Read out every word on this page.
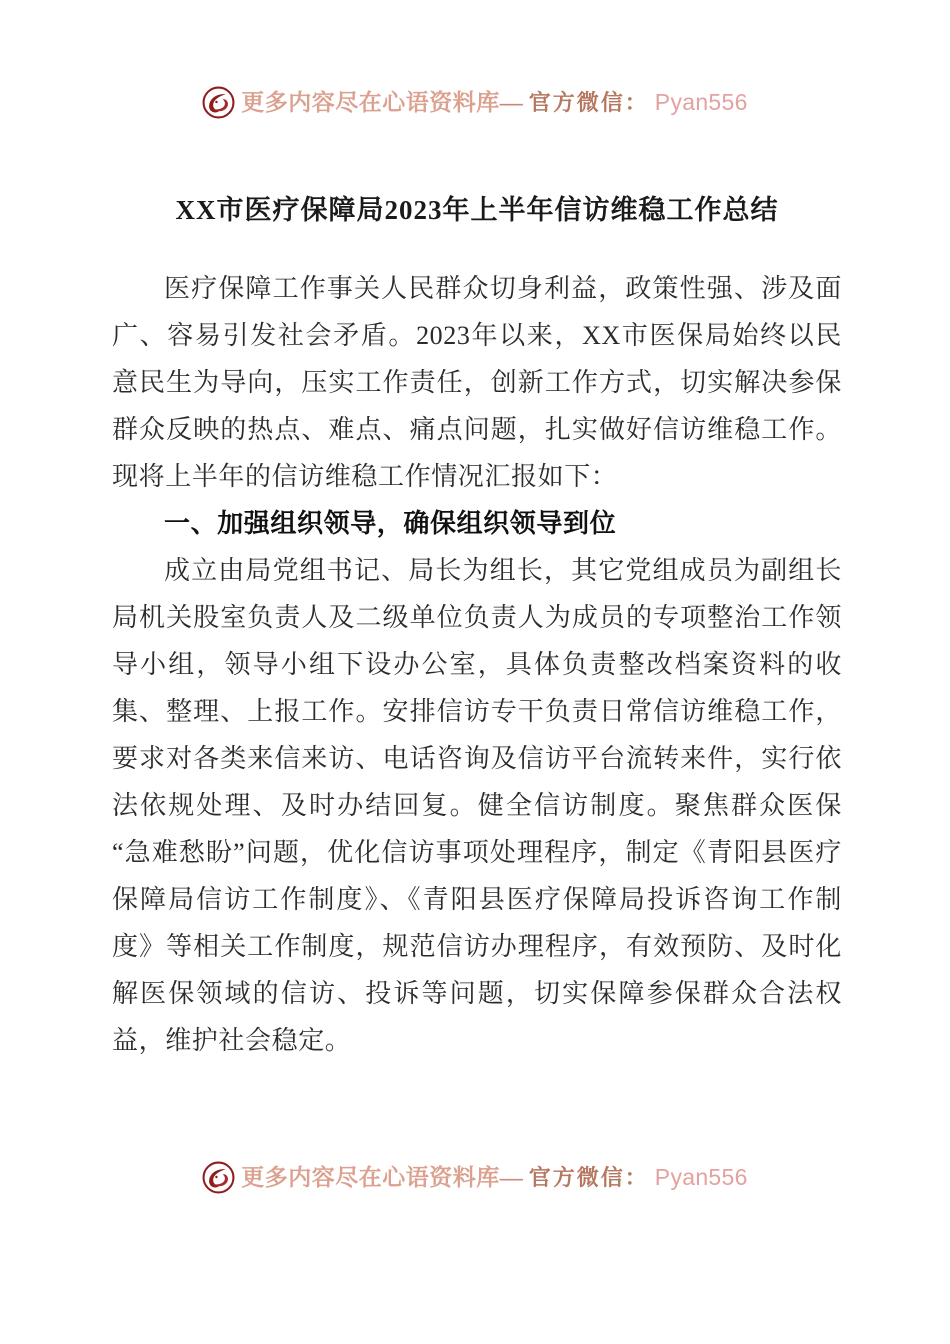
更多内容尽在心语资料库— 官方微信： Pyan556
XX市医疗保障局2023年上半年信访维稳工作总结

医疗保障工作事关人民群众切身利益，政策性强、涉及面广、容易引发社会矛盾。2023年以来，XX市医保局始终以民意民生为导向，压实工作责任，创新工作方式，切实解决参保群众反映的热点、难点、痛点问题，扎实做好信访维稳工作。现将上半年的信访维稳工作情况汇报如下：

一、加强组织领导，确保组织领导到位

成立由局党组书记、局长为组长，其它党组成员为副组长局机关股室负责人及二级单位负责人为成员的专项整治工作领导小组，领导小组下设办公室，具体负责整改档案资料的收集、整理、上报工作。安排信访专干负责日常信访维稳工作，要求对各类来信来访、电话咨询及信访平台流转来件，实行依法依规处理、及时办结回复。健全信访制度。聚焦群众医保“急难愁盼”问题，优化信访事项处理程序，制定《青阳县医疗保障局信访工作制度》、《青阳县医疗保障局投诉咨询工作制度》等相关工作制度，规范信访办理程序，有效预防、及时化解医保领域的信访、投诉等问题，切实保障参保群众合法权益，维护社会稳定。

更多内容尽在心语资料库— 官方微信： Pyan556
